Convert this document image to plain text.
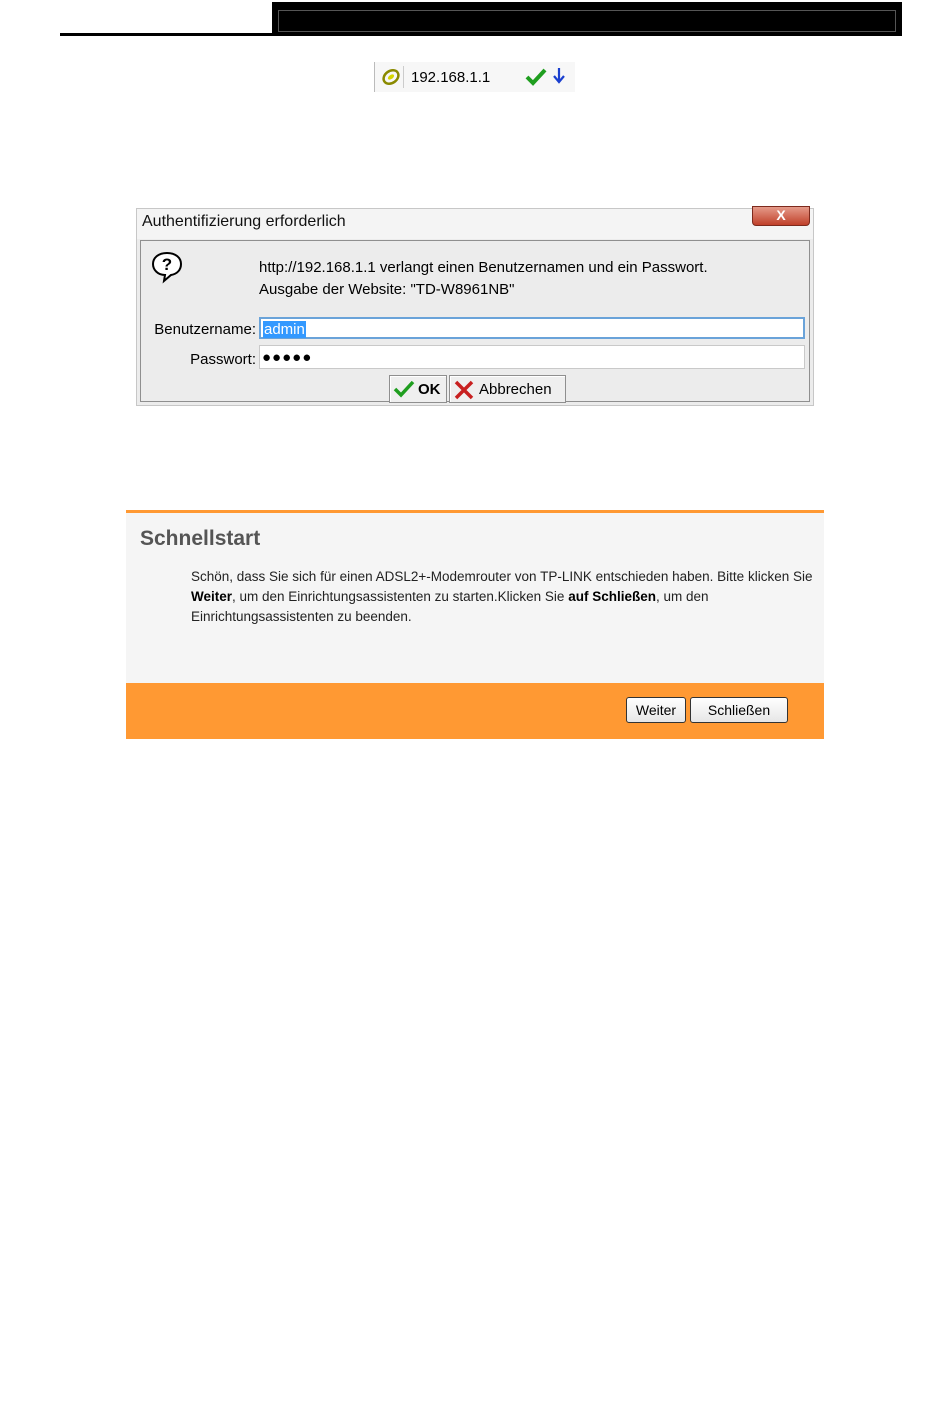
192.168.1.1
Authentifizierung erforderlich	X
?	http://192.168.1.1 verlangt einen Benutzernamen und ein Passwort.
Ausgabe der Website: "TD-W8961NB"
Benutzername: admin
Passwort: ●●●●●
OK	Abbrechen
Schnellstart
Schön, dass Sie sich für einen ADSL2+-Modemrouter von TP-LINK entschieden haben. Bitte klicken Sie Weiter, um den Einrichtungsassistenten zu starten.Klicken Sie auf Schließen, um den Einrichtungsassistenten zu beenden.
Weiter	Schließen
